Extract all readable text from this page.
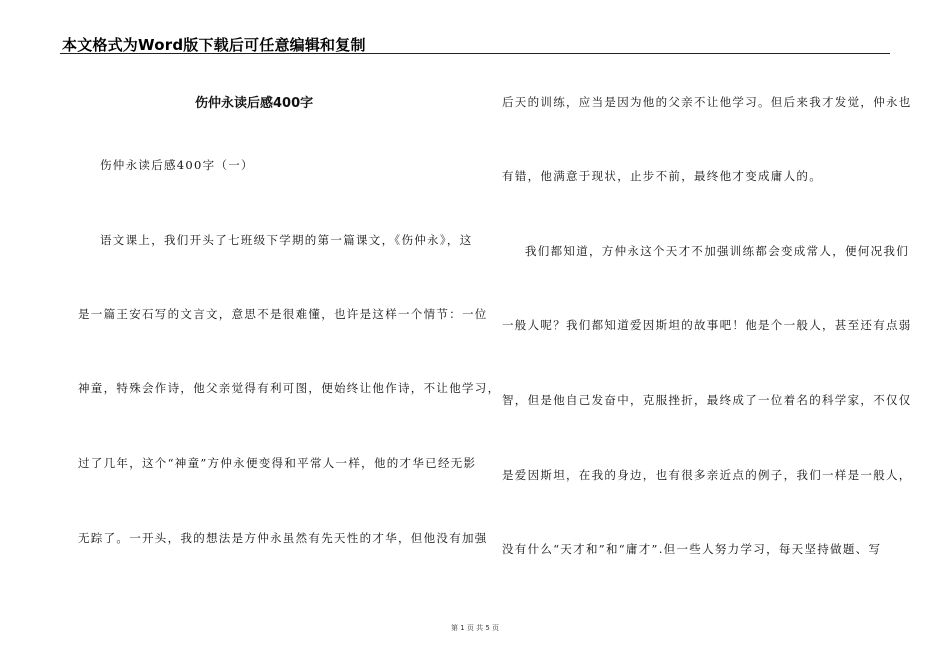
本文格式为Word版下载后可任意编辑和复制
伤仲永读后感400字
伤仲永读后感400字（一）
语文课上，我们开头了七班级下学期的第一篇课文，《伤仲永》，这
是一篇王安石写的文言文，意思不是很难懂，也许是这样一个情节：一位
神童，特殊会作诗，他父亲觉得有利可图，便始终让他作诗，不让他学习，
过了几年，这个“神童”方仲永便变得和平常人一样，他的才华已经无影
无踪了。一开头，我的想法是方仲永虽然有先天性的才华，但他没有加强
后天的训练，应当是因为他的父亲不让他学习。但后来我才发觉，仲永也
有错，他满意于现状，止步不前，最终他才变成庸人的。
我们都知道，方仲永这个天才不加强训练都会变成常人，便何况我们
一般人呢？我们都知道爱因斯坦的故事吧！他是个一般人，甚至还有点弱
智，但是他自己发奋中，克服挫折，最终成了一位着名的科学家，不仅仅
是爱因斯坦，在我的身边，也有很多亲近点的例子，我们一样是一般人，
没有什么“天才和”和“庸才”.但一些人努力学习，每天坚持做题、写
第 1 页 共 5 页
